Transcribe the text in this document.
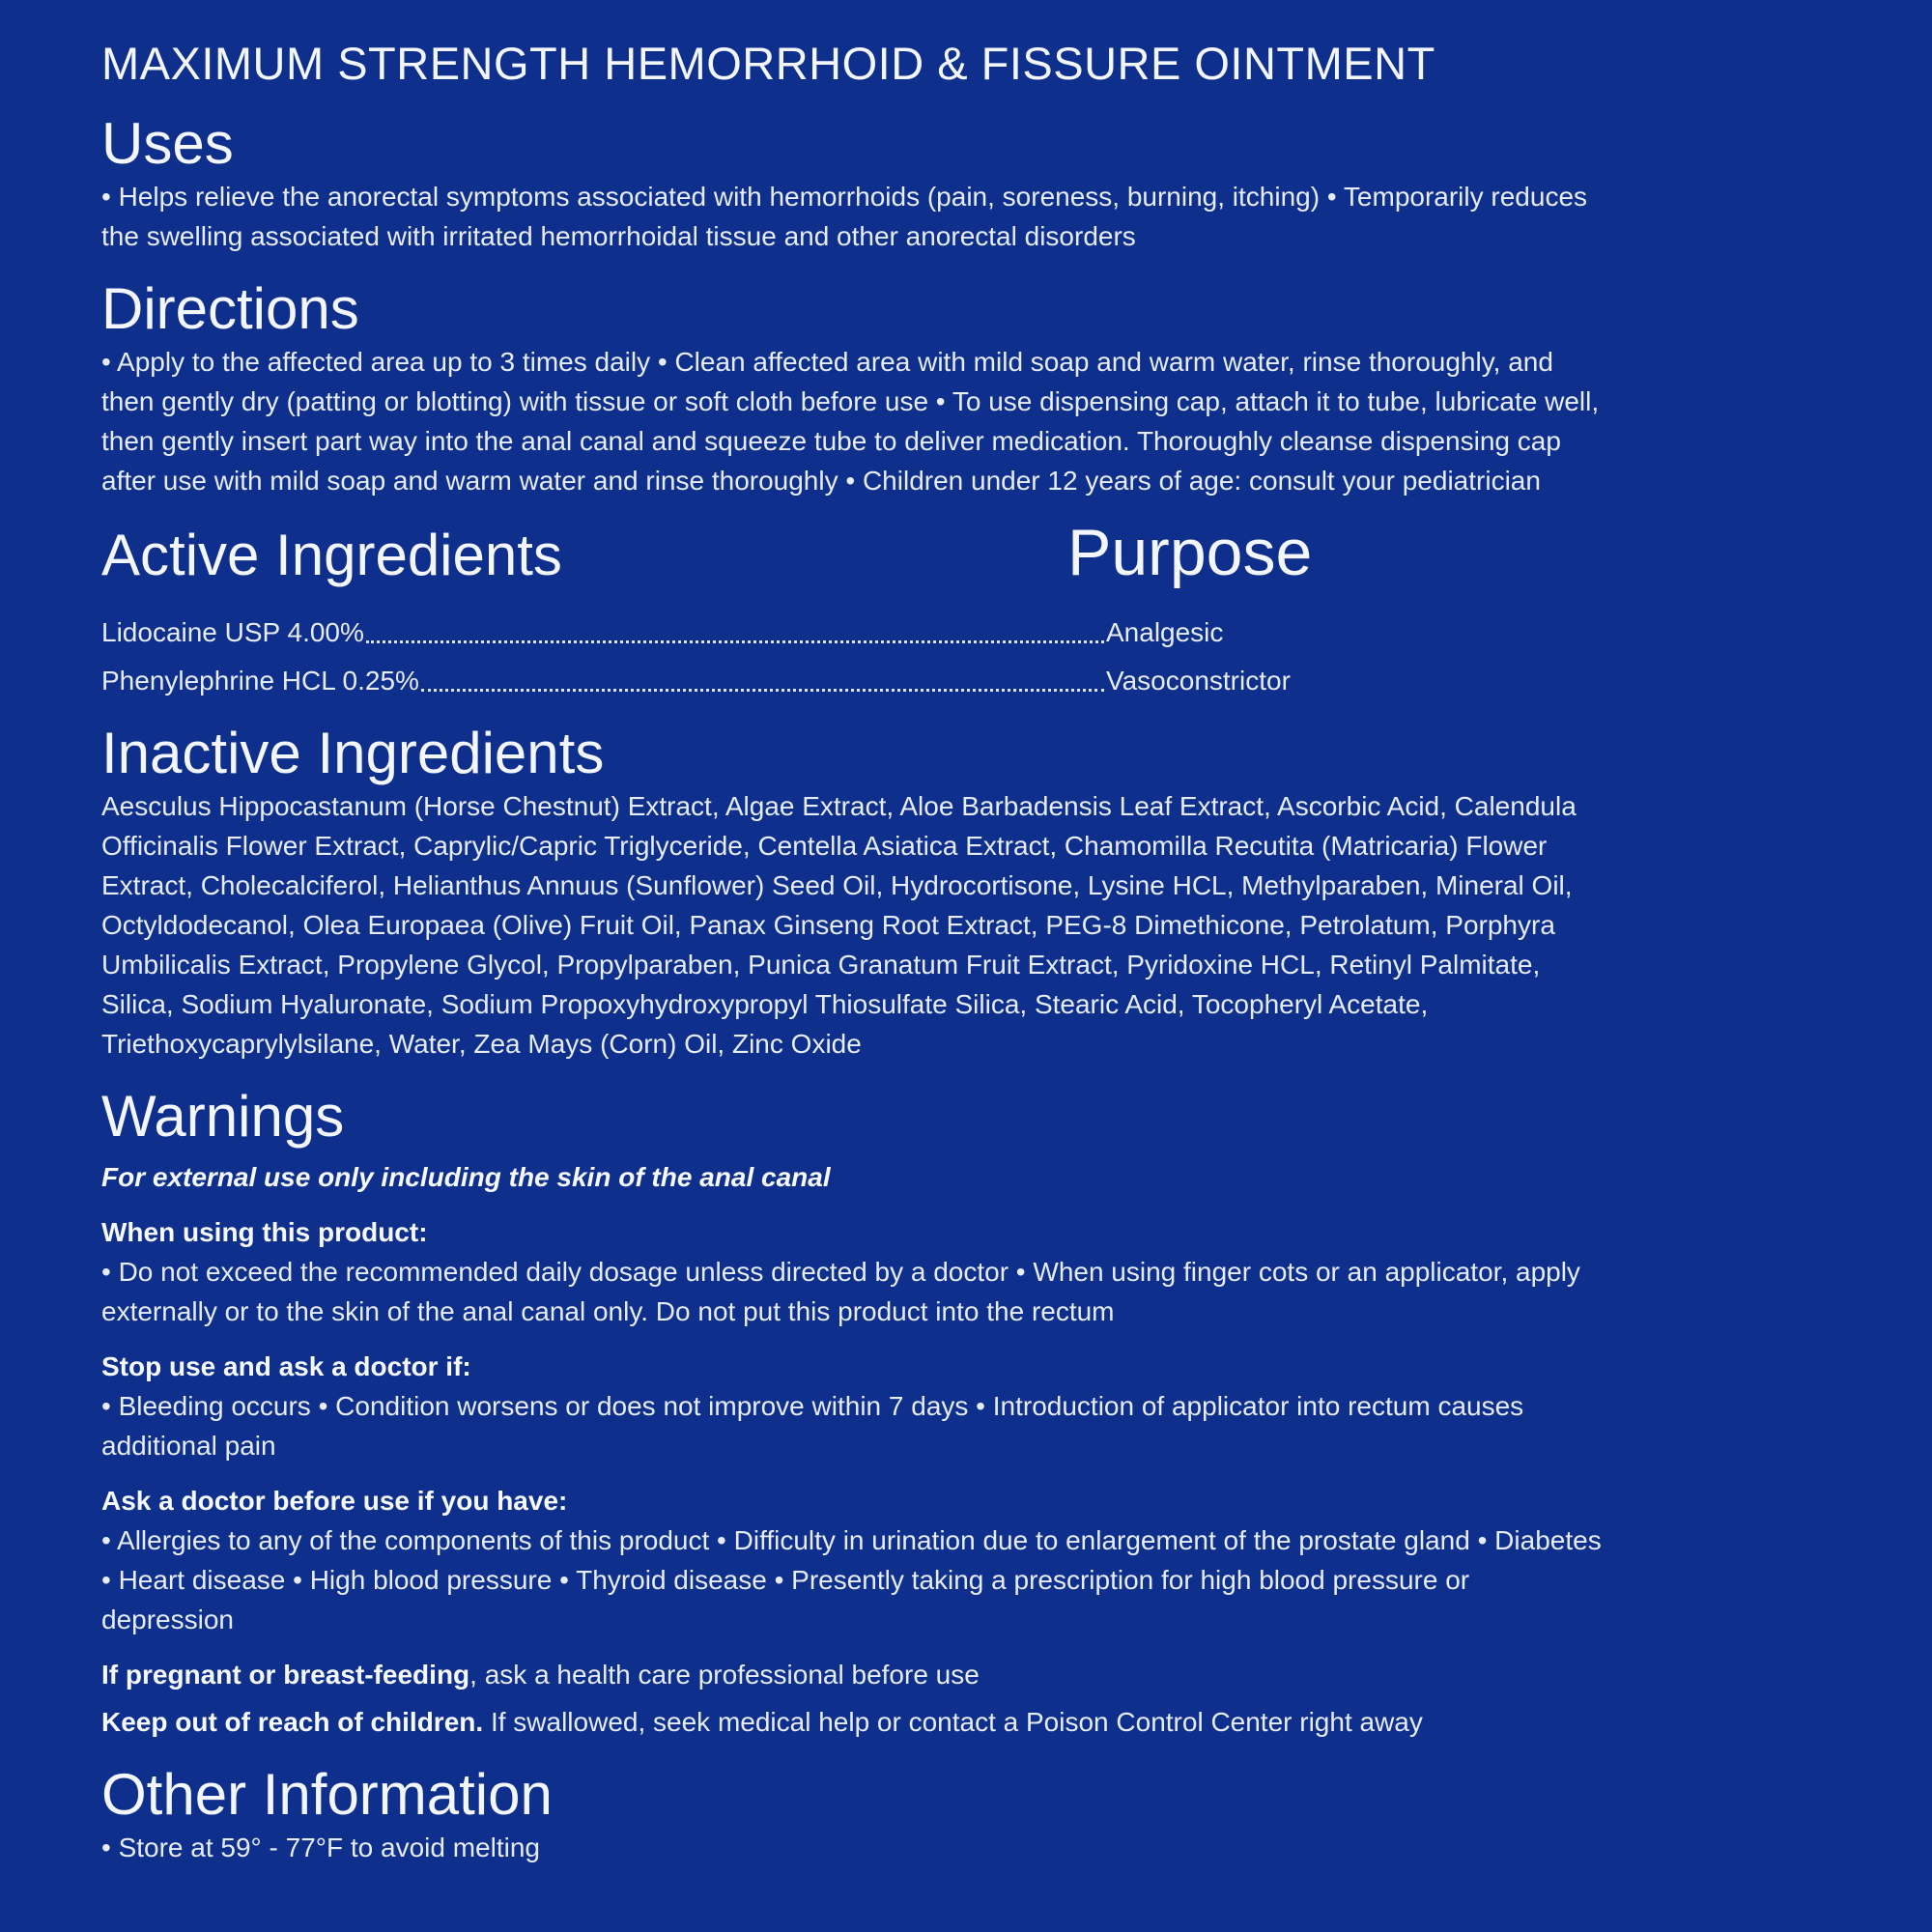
MAXIMUM STRENGTH HEMORRHOID & FISSURE OINTMENT
Uses

• Helps relieve the anorectal symptoms associated with hemorrhoids (pain, soreness, burning, itching) • Temporarily reduces the swelling associated with irritated hemorrhoidal tissue and other anorectal disorders

Directions

• Apply to the affected area up to 3 times daily • Clean affected area with mild soap and warm water, rinse thoroughly, and then gently dry (patting or blotting) with tissue or soft cloth before use • To use dispensing cap, attach it to tube, lubricate well, then gently insert part way into the anal canal and squeeze tube to deliver medication. Thoroughly cleanse dispensing cap after use with mild soap and warm water and rinse thoroughly • Children under 12 years of age: consult your pediatrician

Active Ingredients	Purpose
Lidocaine USP 4.00%	Analgesic
Phenylephrine HCL 0.25%	Vasoconstrictor
Inactive Ingredients

Aesculus Hippocastanum (Horse Chestnut) Extract, Algae Extract, Aloe Barbadensis Leaf Extract, Ascorbic Acid, Calendula Officinalis Flower Extract, Caprylic/Capric Triglyceride, Centella Asiatica Extract, Chamomilla Recutita (Matricaria) Flower Extract, Cholecalciferol, Helianthus Annuus (Sunflower) Seed Oil, Hydrocortisone, Lysine HCL, Methylparaben, Mineral Oil, Octyldodecanol, Olea Europaea (Olive) Fruit Oil, Panax Ginseng Root Extract, PEG-8 Dimethicone, Petrolatum, Porphyra Umbilicalis Extract, Propylene Glycol, Propylparaben, Punica Granatum Fruit Extract, Pyridoxine HCL, Retinyl Palmitate, Silica, Sodium Hyaluronate, Sodium Propoxyhydroxypropyl Thiosulfate Silica, Stearic Acid, Tocopheryl Acetate, Triethoxycaprylylsilane, Water, Zea Mays (Corn) Oil, Zinc Oxide

Warnings

For external use only including the skin of the anal canal

When using this product:

• Do not exceed the recommended daily dosage unless directed by a doctor • When using finger cots or an applicator, apply externally or to the skin of the anal canal only. Do not put this product into the rectum

Stop use and ask a doctor if:

• Bleeding occurs • Condition worsens or does not improve within 7 days • Introduction of applicator into rectum causes additional pain

Ask a doctor before use if you have:

• Allergies to any of the components of this product • Difficulty in urination due to enlargement of the prostate gland • Diabetes • Heart disease • High blood pressure • Thyroid disease • Presently taking a prescription for high blood pressure or depression

If pregnant or breast-feeding, ask a health care professional before use

Keep out of reach of children. If swallowed, seek medical help or contact a Poison Control Center right away

Other Information

• Store at 59° - 77°F to avoid melting
